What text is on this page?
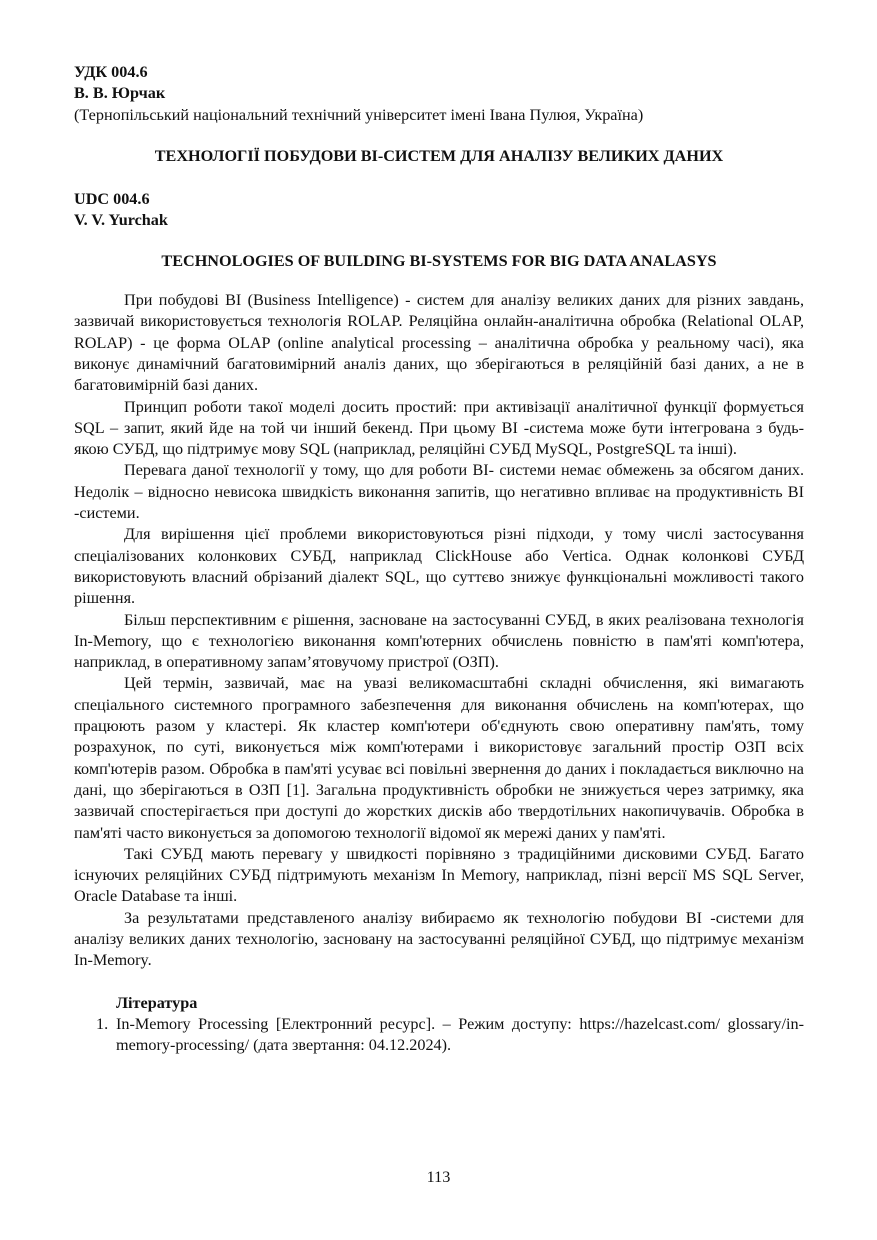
УДК 004.6

В. В. Юрчак

(Тернопільський національний технічний університет імені Івана Пулюя, Україна)

ТЕХНОЛОГІЇ ПОБУДОВИ ВІ-СИСТЕМ ДЛЯ АНАЛІЗУ ВЕЛИКИХ ДАНИХ

UDC 004.6

V. V. Yurchak

TECHNOLOGIES OF BUILDING BI-SYSTEMS FOR BIG DATA ANALASYS

При побудові BI (Business Intelligence) - систем для аналізу великих даних для різних завдань, зазвичай використовується технологія ROLAP. Реляційна онлайн-аналітична обробка (Relational OLAP, ROLAP) - це форма OLAP (online analytical processing – аналітична обробка у реальному часі), яка виконує динамічний багатовимірний аналіз даних, що зберігаються в реляційній базі даних, а не в багатовимірній базі даних.

Принцип роботи такої моделі досить простий: при активізації аналітичної функції формується SQL – запит, який йде на той чи інший бекенд. При цьому BI -система може бути інтегрована з будь-якою СУБД, що підтримує мову SQL (наприклад, реляційні СУБД MySQL, PostgreSQL та інші).

Перевага даної технології у тому, що для роботи BI- системи немає обмежень за обсягом даних. Недолік – відносно невисока швидкість виконання запитів, що негативно впливає на продуктивність BI -системи.

Для вирішення цієї проблеми використовуються різні підходи, у тому числі застосування спеціалізованих колонкових СУБД, наприклад ClickHouse або Vertica. Однак колонкові СУБД використовують власний обрізаний діалект SQL, що суттєво знижує функціональні можливості такого рішення.

Більш перспективним є рішення, засноване на застосуванні СУБД, в яких реалізована технологія In-Memory, що є технологією виконання комп'ютерних обчислень повністю в пам'яті комп'ютера, наприклад, в оперативному запам’ятовучому пристрої (ОЗП).

Цей термін, зазвичай, має на увазі великомасштабні складні обчислення, які вимагають спеціального системного програмного забезпечення для виконання обчислень на комп'ютерах, що працюють разом у кластері. Як кластер комп'ютери об'єднують свою оперативну пам'ять, тому розрахунок, по суті, виконується між комп'ютерами і використовує загальний простір ОЗП всіх комп'ютерів разом. Обробка в пам'яті усуває всі повільні звернення до даних і покладається виключно на дані, що зберігаються в ОЗП [1]. Загальна продуктивність обробки не знижується через затримку, яка зазвичай спостерігається при доступі до жорстких дисків або твердотільних накопичувачів. Обробка в пам'яті часто виконується за допомогою технології відомої як мережі даних у пам'яті.

Такі СУБД мають перевагу у швидкості порівняно з традиційними дисковими СУБД. Багато існуючих реляційних СУБД підтримують механізм In Memory, наприклад, пізні версії MS SQL Server, Oracle Database та інші.

За результатами представленого аналізу вибираємо як технологію побудови BI -системи для аналізу великих даних технологію, засновану на застосуванні реляційної СУБД, що підтримує механізм In-Memory.

Література

1. In-Memory Processing [Електронний ресурс]. – Режим доступу: https://hazelcast.com/ glossary/in-memory-processing/ (дата звертання: 04.12.2024).
113
